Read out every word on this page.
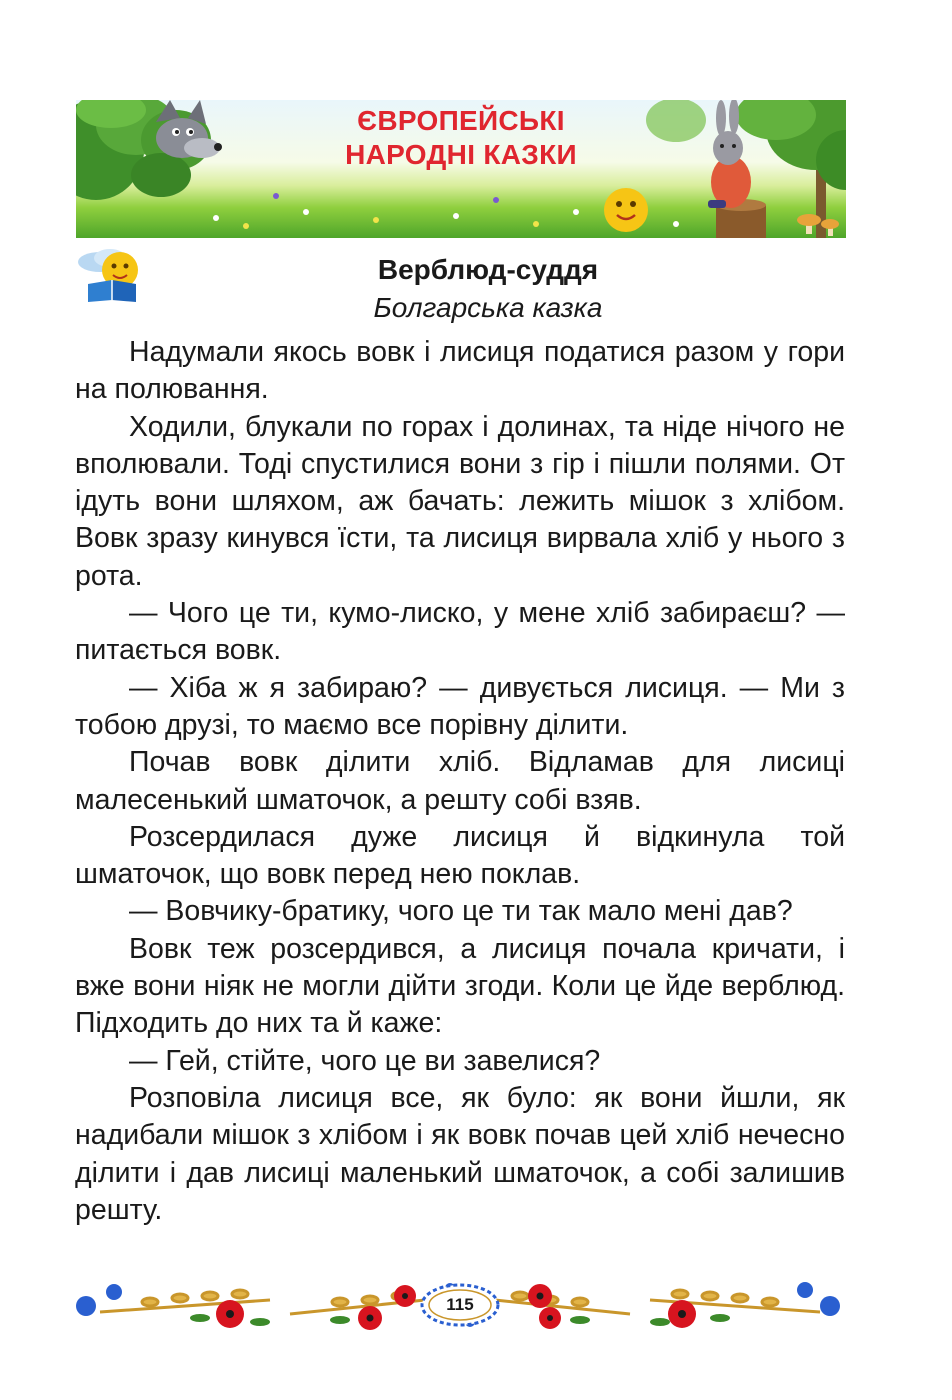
ЄВРОПЕЙСЬКІ
НАРОДНІ КАЗКИ
Верблюд-суддя
Болгарська казка

Надумали якось вовк і лисиця податися разом у гори на полювання.

Ходили, блукали по горах і долинах, та ніде нічого не вполювали. Тоді спустилися вони з гір і пішли полями. От ідуть вони шляхом, аж бачать: лежить мішок з хлібом. Вовк зразу кинувся їсти, та лисиця вирвала хліб у нього з рота.

— Чого це ти, кумо-лиско, у мене хліб забираєш? — питається вовк.

— Хіба ж я забираю? — дивується лисиця. — Ми з тобою друзі, то маємо все порівну ділити.

Почав вовк ділити хліб. Відламав для лисиці малесенький шматочок, а решту собі взяв.

Розсердилася дуже лисиця й відкинула той шматочок, що вовк перед нею поклав.

— Вовчику-братику, чого це ти так мало мені дав?

Вовк теж розсердився, а лисиця почала кричати, і вже вони ніяк не могли дійти згоди. Коли це йде верблюд. Підходить до них та й каже:

— Гей, стійте, чого це ви завелися?

Розповіла лисиця все, як було: як вони йшли, як надибали мішок з хлібом і як вовк почав цей хліб нечесно ділити і дав лисиці маленький шматочок, а собі залишив решту.

115
